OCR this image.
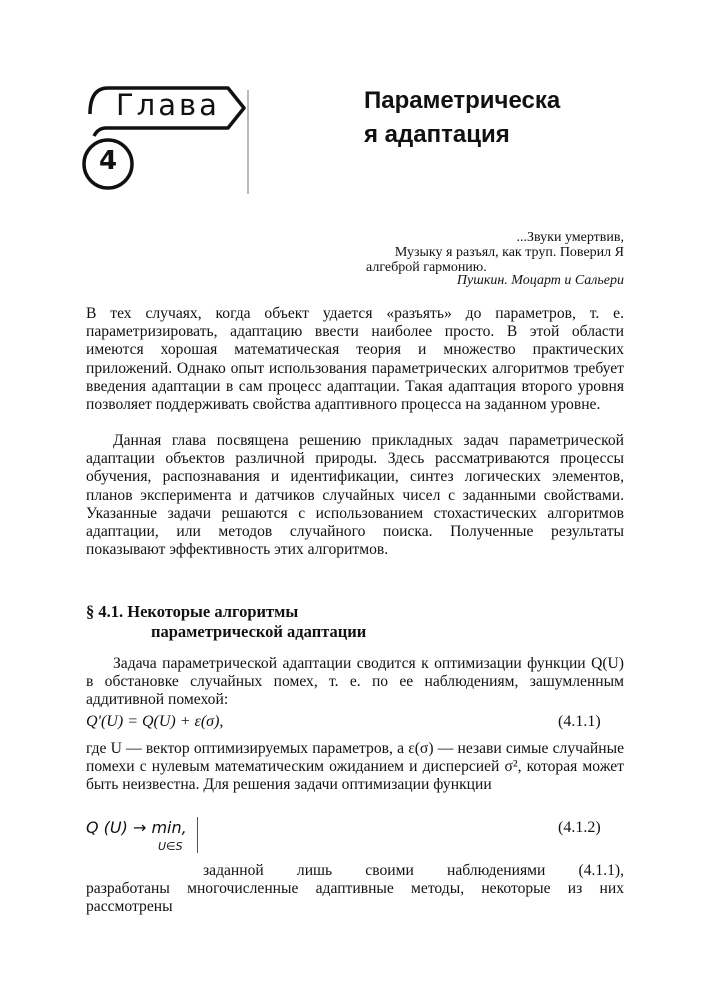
Глава
4
Параметрическа
я адаптация
...Звуки умертвив,
Музыку я разъял, как труп. Поверил Я
алгеброй гармонию.
Пушкин. Моцарт и Сальери

В тех случаях, когда объект удается «разъять» до параметров, т. е. параметризировать, адаптацию ввести наиболее просто. В этой области имеются хорошая математическая теория и множество практических приложений. Однако опыт использования параметрических алгоритмов требует введения адаптации в сам процесс адаптации. Такая адаптация второго уровня позволяет поддерживать свойства адаптивного процесса на заданном уровне.

Данная глава посвящена решению прикладных задач параметрической адаптации объектов различной природы. Здесь рассматриваются процессы обучения, распознавания и идентификации, синтез логических элементов, планов эксперимента и датчиков случайных чисел с заданными свойствами. Указанные задачи решаются с использованием стохастических алгоритмов адаптации, или методов случайного поиска. Полученные результаты показывают эффективность этих алгоритмов.

§ 4.1. Некоторые алгоритмы
параметрической адаптации

Задача параметрической адаптации сводится к оптимизации функции Q(U) в обстановке случайных помех, т. е. по ее наблюдениям, зашумленным аддитивной помехой:

Q'(U) = Q(U) + ε(σ),	(4.1.1)

где U — вектор оптимизируемых параметров, а ε(σ) — незави симые случайные помехи с нулевым математическим ожиданием и дисперсией σ², которая может быть неизвестна. Для решения задачи оптимизации функции

Q (U) → min,
U∈S
(4.1.2)
заданной лишь своими наблюдениями (4.1.1),

разработаны многочисленные адаптивные методы, некоторые из них рассмотрены
